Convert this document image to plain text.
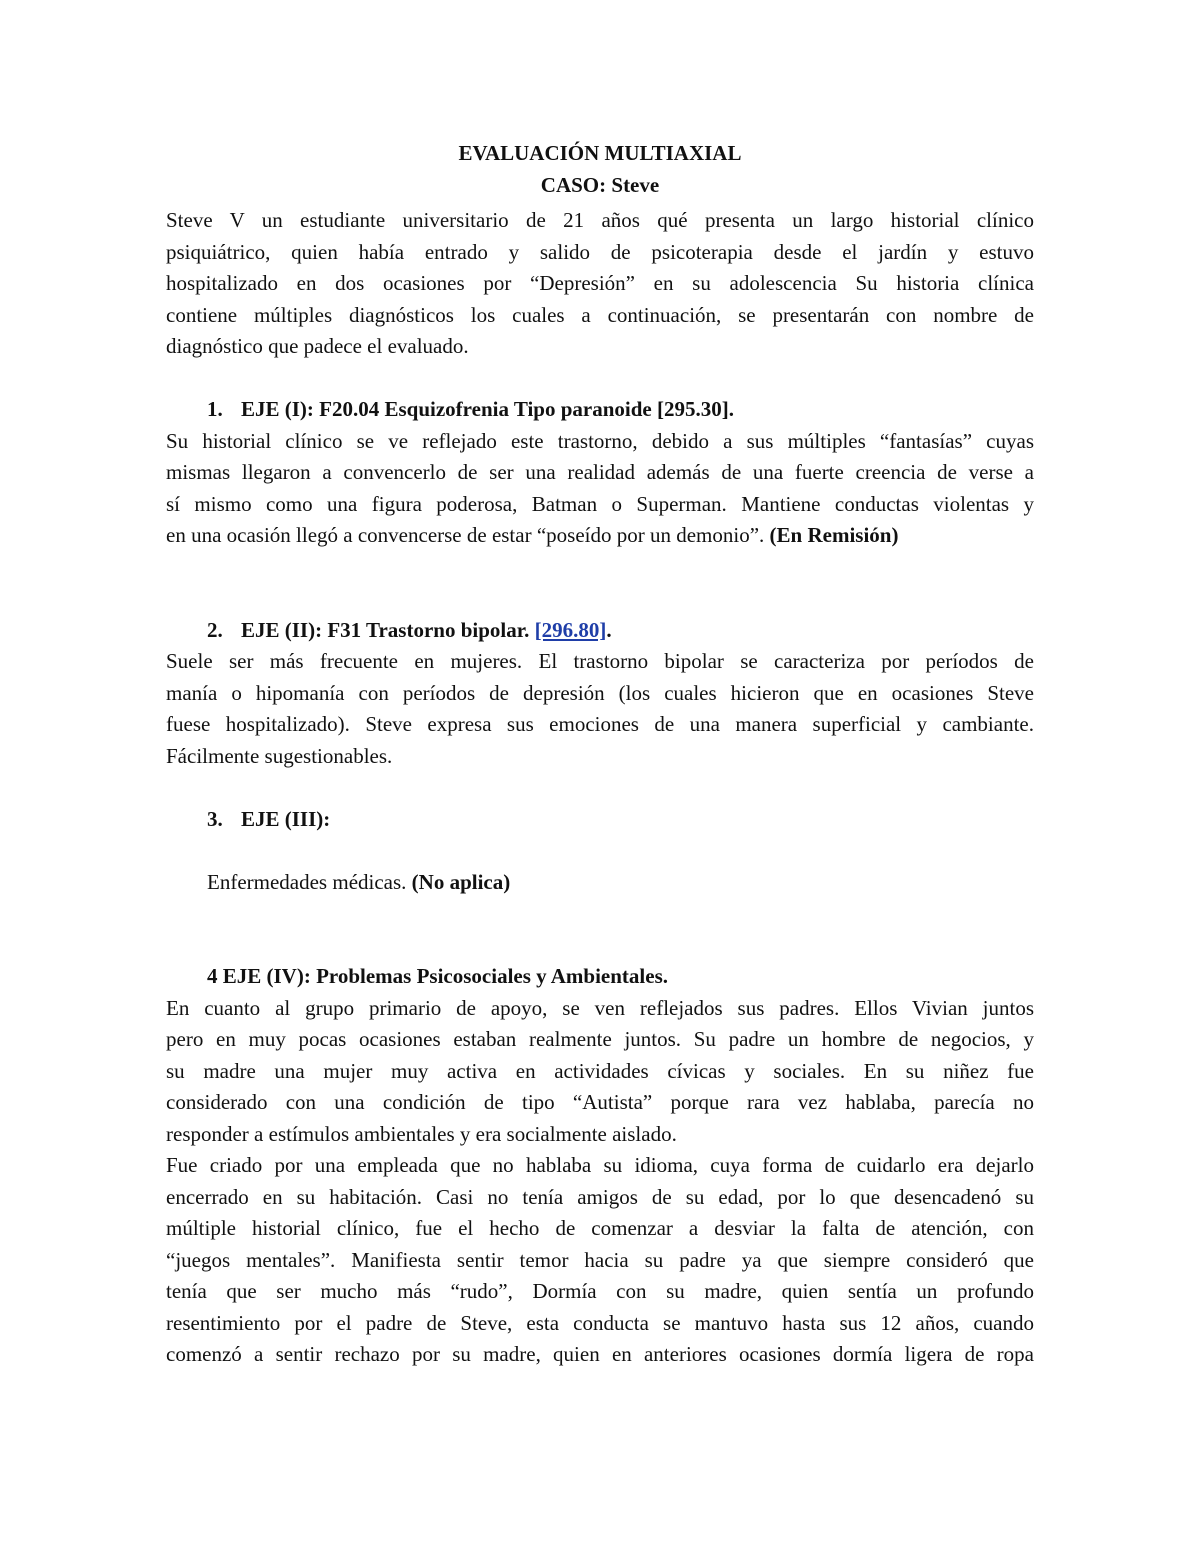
EVALUACIÓN MULTIAXIAL

CASO: Steve

Steve V un estudiante universitario de 21 años qué presenta un largo historial clínico
psiquiátrico, quien había entrado y salido de psicoterapia desde el jardín y estuvo
hospitalizado en dos ocasiones por “Depresión” en su adolescencia Su historia clínica
contiene múltiples diagnósticos los cuales a continuación, se presentarán con nombre de
diagnóstico que padece el evaluado.

1. EJE (I): F20.04 Esquizofrenia Tipo paranoide [295.30].

Su historial clínico se ve reflejado este trastorno, debido a sus múltiples “fantasías” cuyas
mismas llegaron a convencerlo de ser una realidad además de una fuerte creencia de verse a
sí mismo como una figura poderosa, Batman o Superman. Mantiene conductas violentas y
en una ocasión llegó a convencerse de estar “poseído por un demonio”. (En Remisión)

2. EJE (II): F31 Trastorno bipolar. [296.80].

Suele ser más frecuente en mujeres. El trastorno bipolar se caracteriza por períodos de
manía o hipomanía con períodos de depresión (los cuales hicieron que en ocasiones Steve
fuese hospitalizado). Steve expresa sus emociones de una manera superficial y cambiante.
Fácilmente sugestionables.

3. EJE (III):

Enfermedades médicas. (No aplica)

4 EJE (IV): Problemas Psicosociales y Ambientales.

En cuanto al grupo primario de apoyo, se ven reflejados sus padres. Ellos Vivian juntos
pero en muy pocas ocasiones estaban realmente juntos. Su padre un hombre de negocios, y
su madre una mujer muy activa en actividades cívicas y sociales. En su niñez fue
considerado con una condición de tipo “Autista” porque rara vez hablaba, parecía no
responder a estímulos ambientales y era socialmente aislado.
Fue criado por una empleada que no hablaba su idioma, cuya forma de cuidarlo era dejarlo
encerrado en su habitación. Casi no tenía amigos de su edad, por lo que desencadenó su
múltiple historial clínico, fue el hecho de comenzar a desviar la falta de atención, con
“juegos mentales”. Manifiesta sentir temor hacia su padre ya que siempre consideró que
tenía que ser mucho más “rudo”, Dormía con su madre, quien sentía un profundo
resentimiento por el padre de Steve, esta conducta se mantuvo hasta sus 12 años, cuando
comenzó a sentir rechazo por su madre, quien en anteriores ocasiones dormía ligera de ropa
